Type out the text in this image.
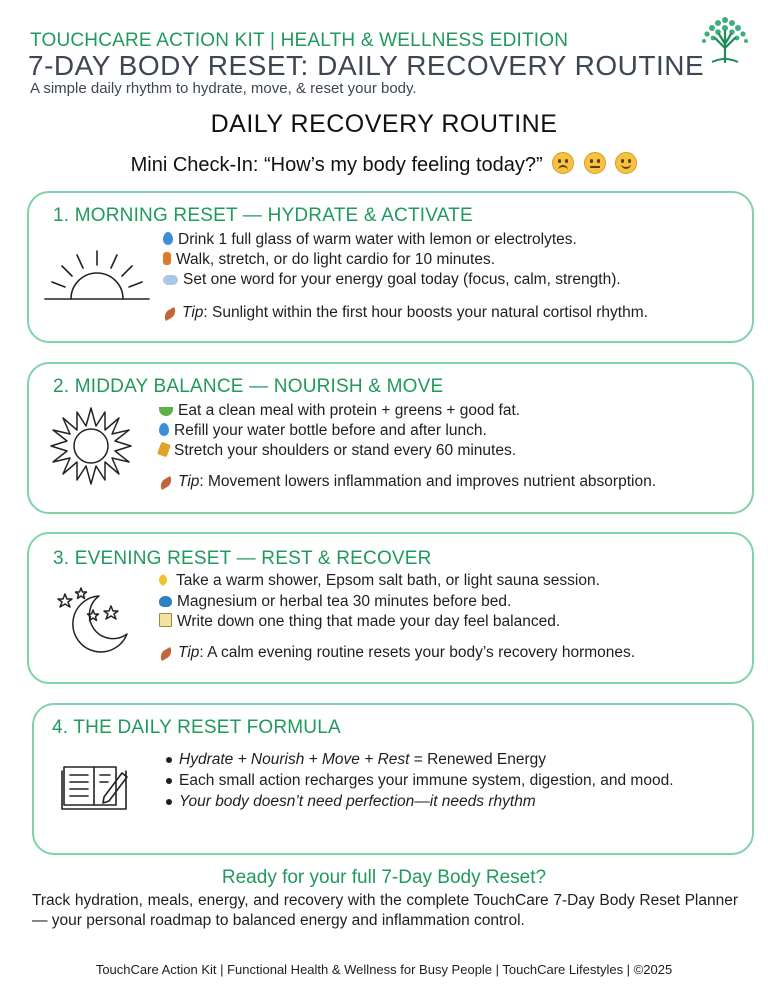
TOUCHCARE ACTION KIT | HEALTH & WELLNESS EDITION
7-DAY BODY RESET: DAILY RECOVERY ROUTINE
A simple daily rhythm to hydrate, move, & reset your body.
DAILY RECOVERY ROUTINE
Mini Check-In: “How’s my body feeling today?”

1. MORNING RESET — HYDRATE & ACTIVATE
Drink 1 full glass of warm water with lemon or electrolytes.
Walk, stretch, or do light cardio for 10 minutes.
Set one word for your energy goal today (focus, calm, strength).
Tip: Sunlight within the first hour boosts your natural cortisol rhythm.
2. MIDDAY BALANCE — NOURISH & MOVE
Eat a clean meal with protein + greens + good fat.
Refill your water bottle before and after lunch.
Stretch your shoulders or stand every 60 minutes.
Tip: Movement lowers inflammation and improves nutrient absorption.
3. EVENING RESET — REST & RECOVER
Take a warm shower, Epsom salt bath, or light sauna session.
Magnesium or herbal tea 30 minutes before bed.
Write down one thing that made your day feel balanced.
Tip: A calm evening routine resets your body’s recovery hormones.
4. THE DAILY RESET FORMULA
Hydrate + Nourish + Move + Rest = Renewed Energy
Each small action recharges your immune system, digestion, and mood.
Your body doesn’t need perfection—it needs rhythm
Ready for your full 7-Day Body Reset?
Track hydration, meals, energy, and recovery with the complete TouchCare 7-Day Body Reset Planner — your personal roadmap to balanced energy and inflammation control.
TouchCare Action Kit | Functional Health & Wellness for Busy People | TouchCare Lifestyles | ©2025
